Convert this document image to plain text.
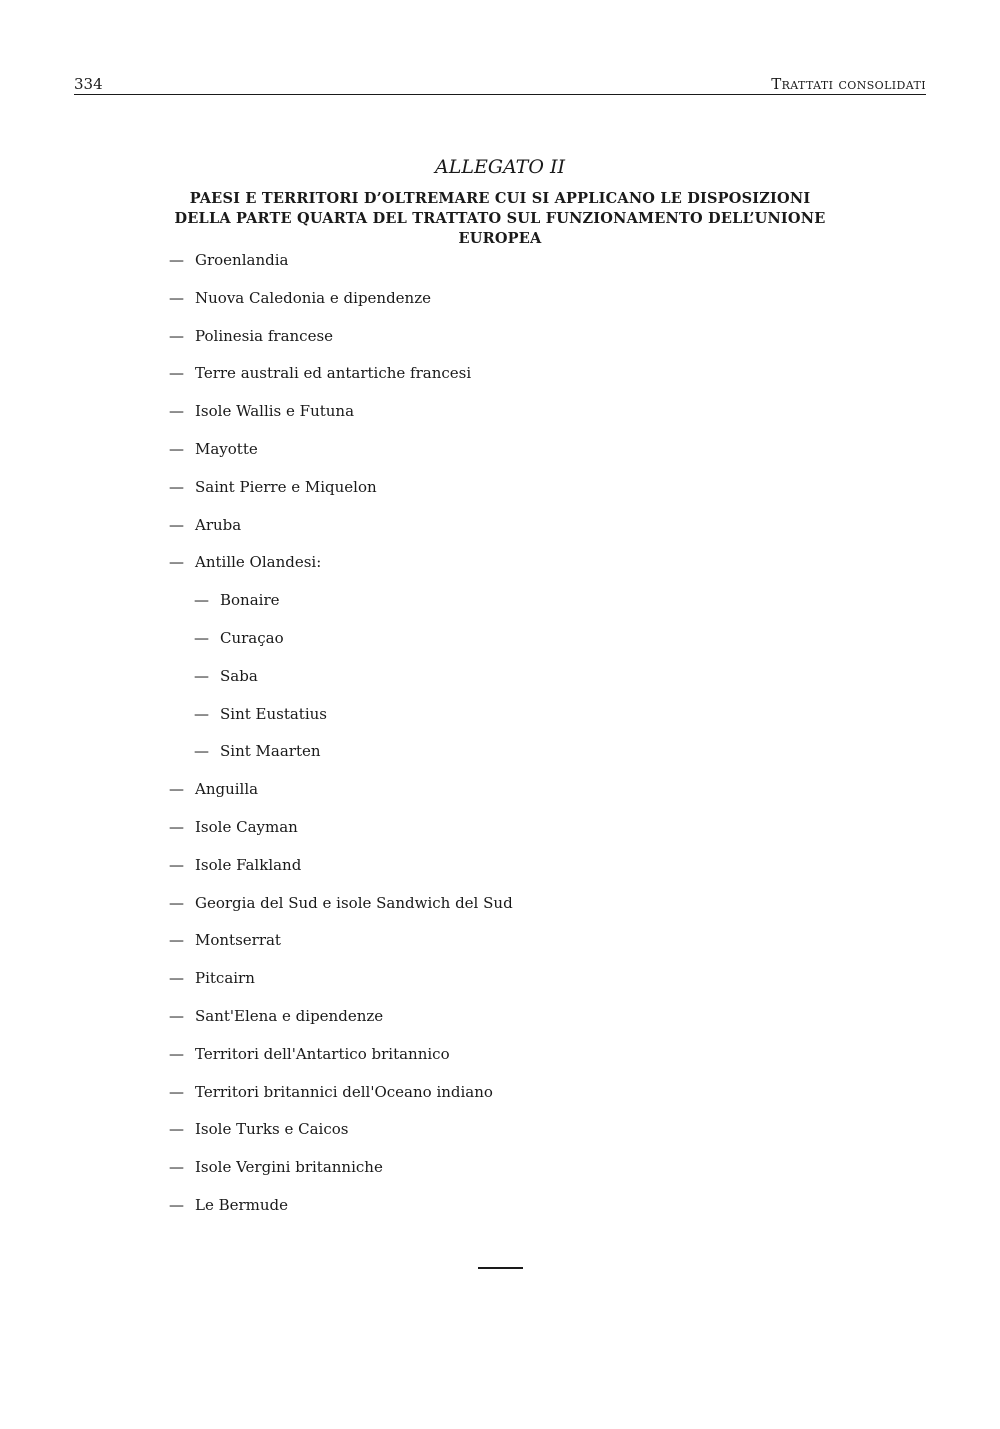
334	Trattati consolidati
ALLEGATO II
PAESI E TERRITORI D’OLTREMARE CUI SI APPLICANO LE DISPOSIZIONI DELLA PARTE QUARTA DEL TRATTATO SUL FUNZIONAMENTO DELL’UNIONE EUROPEA
— Groenlandia
— Nuova Caledonia e dipendenze
— Polinesia francese
— Terre australi ed antartiche francesi
— Isole Wallis e Futuna
— Mayotte
— Saint Pierre e Miquelon
— Aruba
— Antille Olandesi:
— Bonaire
— Curaçao
— Saba
— Sint Eustatius
— Sint Maarten
— Anguilla
— Isole Cayman
— Isole Falkland
— Georgia del Sud e isole Sandwich del Sud
— Montserrat
— Pitcairn
— Sant'Elena e dipendenze
— Territori dell'Antartico britannico
— Territori britannici dell'Oceano indiano
— Isole Turks e Caicos
— Isole Vergini britanniche
— Le Bermude
